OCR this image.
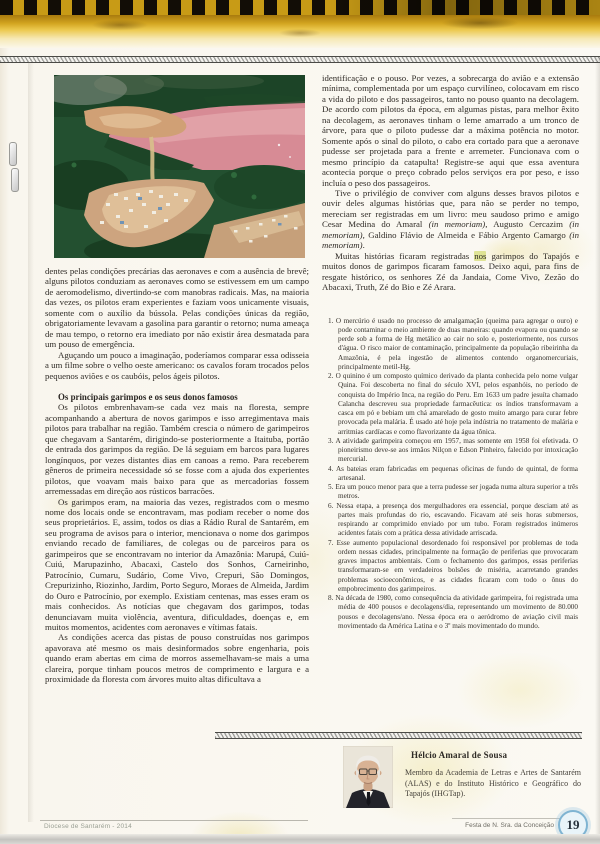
dentes pelas condições precárias das aeronaves e com a ausência de brevê; alguns pilotos conduziam as aeronaves como se estivessem em um campo de aeromodelismo, divertindo-se com manobras radicais. Mas, na maioria das vezes, os pilotos eram experientes e faziam voos unicamente visuais, somente com o auxílio da bússola. Pelas condições únicas da região, obrigatoriamente levavam a gasolina para garantir o retorno; numa ameaça de mau tempo, o retorno era imediato por não existir área desmatada para um pouso de emergência.

Aguçando um pouco a imaginação, poderíamos comparar essa odisseia a um filme sobre o velho oeste americano: os cavalos foram trocados pelos pequenos aviões e os caubóis, pelos ágeis pilotos.

Os principais garimpos e os seus donos famosos

Os pilotos embrenhavam-se cada vez mais na floresta, sempre acompanhando a abertura de novos garimpos e isso arregimentava mais pilotos para trabalhar na região. Também crescia o número de garimpeiros que chegavam a Santarém, dirigindo-se posteriormente a Itaituba, portão de entrada dos garimpos da região. De lá seguiam em barcos para lugares longínquos, por vezes distantes dias em canoas a remo. Para receberem gêneros de primeira necessidade só se fosse com a ajuda dos experientes pilotos, que voavam mais baixo para que as mercadorias fossem arremessadas em direção aos rústicos barracões.

Os garimpos eram, na maioria das vezes, registrados com o mesmo nome dos locais onde se encontravam, mas podiam receber o nome dos seus proprietários. E, assim, todos os dias a Rádio Rural de Santarém, em seu programa de avisos para o interior, mencionava o nome dos garimpos enviando recado de familiares, de colegas ou de parceiros para os garimpeiros que se encontravam no interior da Amazônia: Marupá, Cuiú-Cuiú, Marupazinho, Abacaxi, Castelo dos Sonhos, Carneirinho, Patrocínio, Cumaru, Sudário, Come Vivo, Crepuri, São Domingos, Crepurizinho, Riozinho, Jardim, Porto Seguro, Moraes de Almeida, Jardim do Ouro e Patrocínio, por exemplo. Existiam centenas, mas esses eram os mais conhecidos. As notícias que chegavam dos garimpos, todas denunciavam muita violência, aventura, dificuldades, doenças e, em muitos momentos, acidentes com aeronaves e vítimas fatais.

As condições acerca das pistas de pouso construídas nos garimpos apavorava até mesmo os mais desinformados sobre engenharia, pois quando eram abertas em cima de morros assemelhavam-se mais a uma clareira, porque tinham poucos metros de comprimento e largura e a proximidade da floresta com árvores muito altas dificultava a

identificação e o pouso. Por vezes, a sobrecarga do avião e a extensão mínima, complementada por um espaço curvilíneo, colocavam em risco a vida do piloto e dos passageiros, tanto no pouso quanto na decolagem. De acordo com pilotos da época, em algumas pistas, para melhor êxito na decolagem, as aeronaves tinham o leme amarrado a um tronco de árvore, para que o piloto pudesse dar a máxima potência no motor. Somente após o sinal do piloto, o cabo era cortado para que a aeronave pudesse ser projetada para a frente e arremeter. Funcionava com o mesmo princípio da catapulta! Registre-se aqui que essa aventura acontecia porque o preço cobrado pelos serviços era por peso, e isso incluía o peso dos passageiros.

Tive o privilégio de conviver com alguns desses bravos pilotos e ouvir deles algumas histórias que, para não se perder no tempo, mereciam ser registradas em um livro: meu saudoso primo e amigo Cesar Medina do Amaral (in memoriam), Augusto Cercazim (in memoriam), Galdino Flávio de Almeida e Fábio Argento Camargo (in memoriam).

Muitas histórias ficaram registradas nos garimpos do Tapajós e muitos donos de garimpos ficaram famosos. Deixo aqui, para fins de resgate histórico, os senhores Zé da Jandaia, Come Vivo, Zezão do Abacaxi, Truth, Zé do Bio e Zé Arara.

1. O mercúrio é usado no processo de amalgamação (queima para agregar o ouro) e pode contaminar o meio ambiente de duas maneiras: quando evapora ou quando se perde sob a forma de Hg metálico ao cair no solo e, posteriormente, nos cursos d'água. O risco maior de contaminação, principalmente da população ribeirinha da Amazônia, é pela ingestão de alimentos contendo organomercuriais, principalmente metil-Hg.
2. O quinino é um composto químico derivado da planta conhecida pelo nome vulgar Quina. Foi descoberta no final do século XVI, pelos espanhóis, no período de conquista do Império Inca, na região do Peru. Em 1633 um padre jesuíta chamado Calancha descreveu sua propriedade farmacêutica: os índios transformavam a casca em pó e bebiam um chá amarelado de gosto muito amargo para curar febre provocada pela malária. É usado até hoje pela indústria no tratamento de malária e arritmias cardíacas e como flavorizante da água tônica.
3. A atividade garimpeira começou em 1957, mas somente em 1958 foi efetivada. O pioneirismo deve-se aos irmãos Nilçon e Edson Pinheiro, falecido por intoxicação mercurial.
4. As bateias eram fabricadas em pequenas oficinas de fundo de quintal, de forma artesanal.
5. Era um pouco menor para que a terra pudesse ser jogada numa altura superior a três metros.
6. Nessa etapa, a presença dos mergulhadores era essencial, porque desciam até as partes mais profundas do rio, escavando. Ficavam até seis horas submersos, respirando ar comprimido enviado por um tubo. Foram registrados inúmeros acidentes fatais com a prática dessa atividade arriscada.
7. Esse aumento populacional desordenado foi responsável por problemas de toda ordem nessas cidades, principalmente na formação de periferias que provocaram graves impactos ambientais. Com o fechamento dos garimpos, essas periferias transformaram-se em verdadeiros bolsões de miséria, acarretando grandes problemas socioeconômicos, e as cidades ficaram com todo o ônus do empobrecimento dos garimpeiros.
8. Na década de 1980, como consequência da atividade garimpeira, foi registrada uma média de 400 pousos e decolagens/dia, representando um movimento de 80.000 pousos e decolagens/ano. Nessa época era o aeródromo de aviação civil mais movimentado da América Latina e o 3º mais movimentado do mundo.
Hélcio Amaral de Sousa
Membro da Academia de Letras e Artes de Santarém (ALAS) e do Instituto Histórico e Geográfico do Tapajós (IHGTap).
Diocese de Santarém - 2014	Festa de N. Sra. da Conceição 19
